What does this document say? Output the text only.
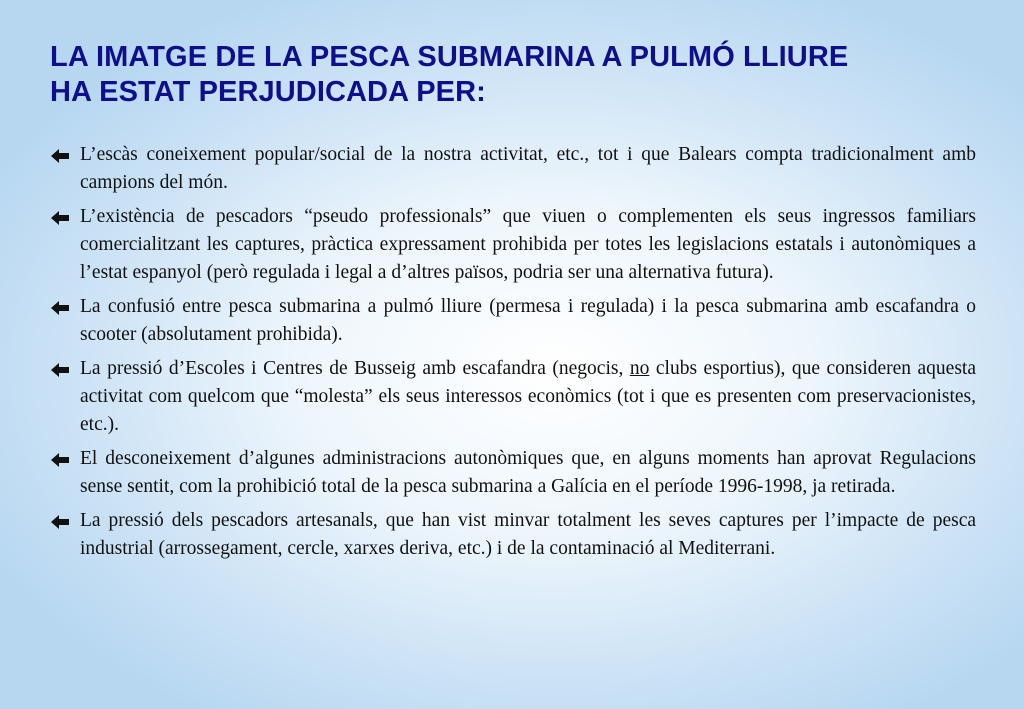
LA IMATGE DE LA PESCA SUBMARINA A PULMÓ LLIURE
HA ESTAT PERJUDICADA PER:
L’escàs coneixement popular/social de la nostra activitat, etc., tot i que Balears compta tradicionalment amb campions del món.
L’existència de pescadors “pseudo professionals” que viuen o complementen els seus ingressos familiars comercialitzant les captures, pràctica expressament prohibida per totes les legislacions estatals i autonòmiques a l’estat espanyol (però regulada i legal a d’altres països, podria ser una alternativa futura).
La confusió entre pesca submarina a pulmó lliure (permesa i regulada) i la pesca submarina amb escafandra o scooter (absolutament prohibida).
La pressió d’Escoles i Centres de Busseig amb escafandra (negocis, no clubs esportius), que consideren aquesta activitat com quelcom que “molesta” els seus interessos econòmics (tot i que es presenten com preservacionistes, etc.).
El desconeixement d’algunes administracions autonòmiques que, en alguns moments han aprovat Regulacions sense sentit, com la prohibició total de la pesca submarina a Galícia en el període 1996-1998, ja retirada.
La pressió dels pescadors artesanals, que han vist minvar totalment les seves captures per l’impacte de pesca industrial (arrossegament, cercle, xarxes deriva, etc.) i de la contaminació al Mediterrani.
